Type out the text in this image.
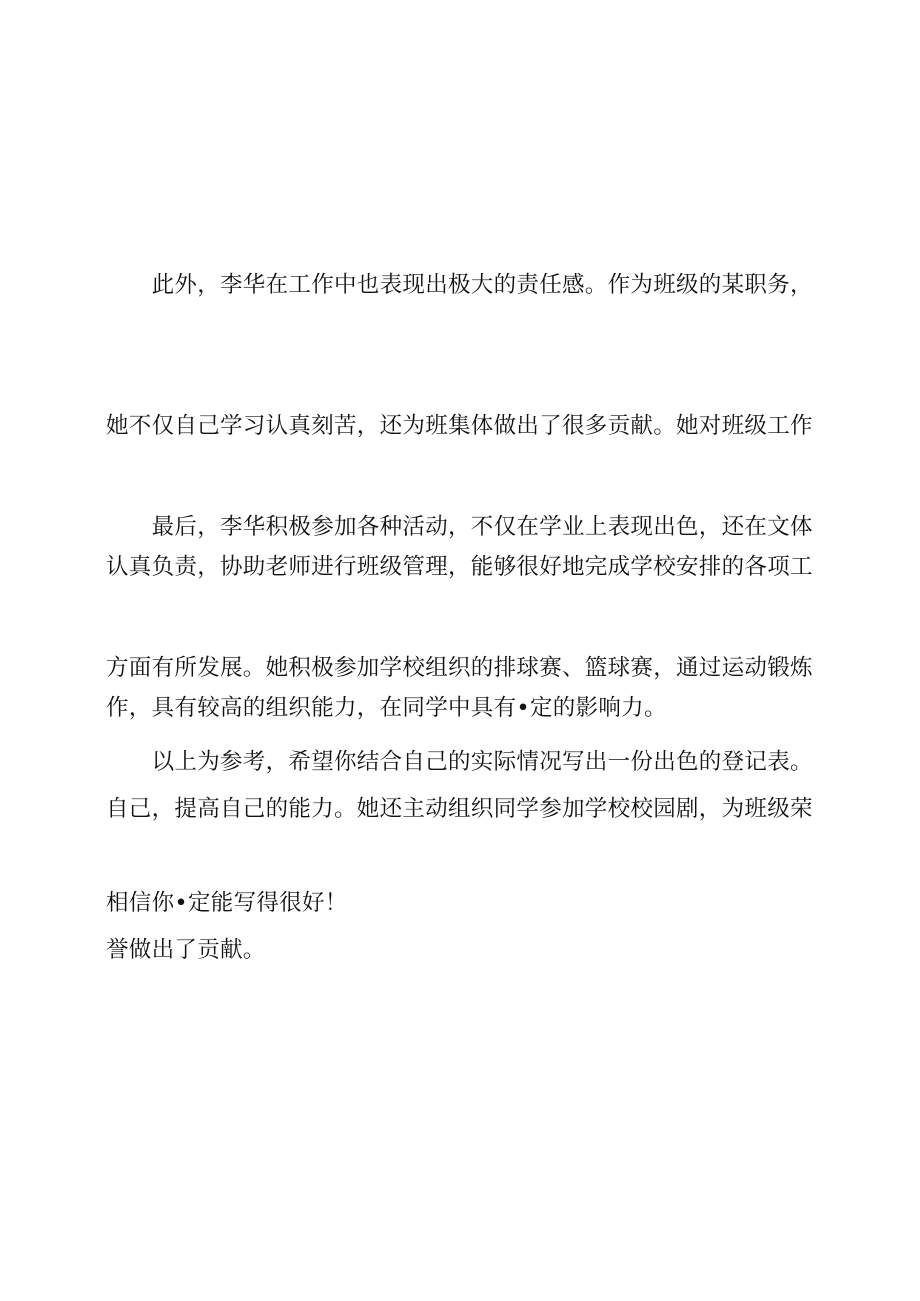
　　此外，李华在工作中也表现出极大的责任感。作为班级的某职务，

她不仅自己学习认真刻苦，还为班集体做出了很多贡献。她对班级工作

认真负责，协助老师进行班级管理，能够很好地完成学校安排的各项工

作，具有较高的组织能力，在同学中具有•定的影响力。

　　最后，李华积极参加各种活动，不仅在学业上表现出色，还在文体

方面有所发展。她积极参加学校组织的排球赛、篮球赛，通过运动锻炼

自己，提高自己的能力。她还主动组织同学参加学校校园剧，为班级荣

誉做出了贡献。

　　以上为参考，希望你结合自己的实际情况写出一份出色的登记表。

相信你•定能写得很好！
